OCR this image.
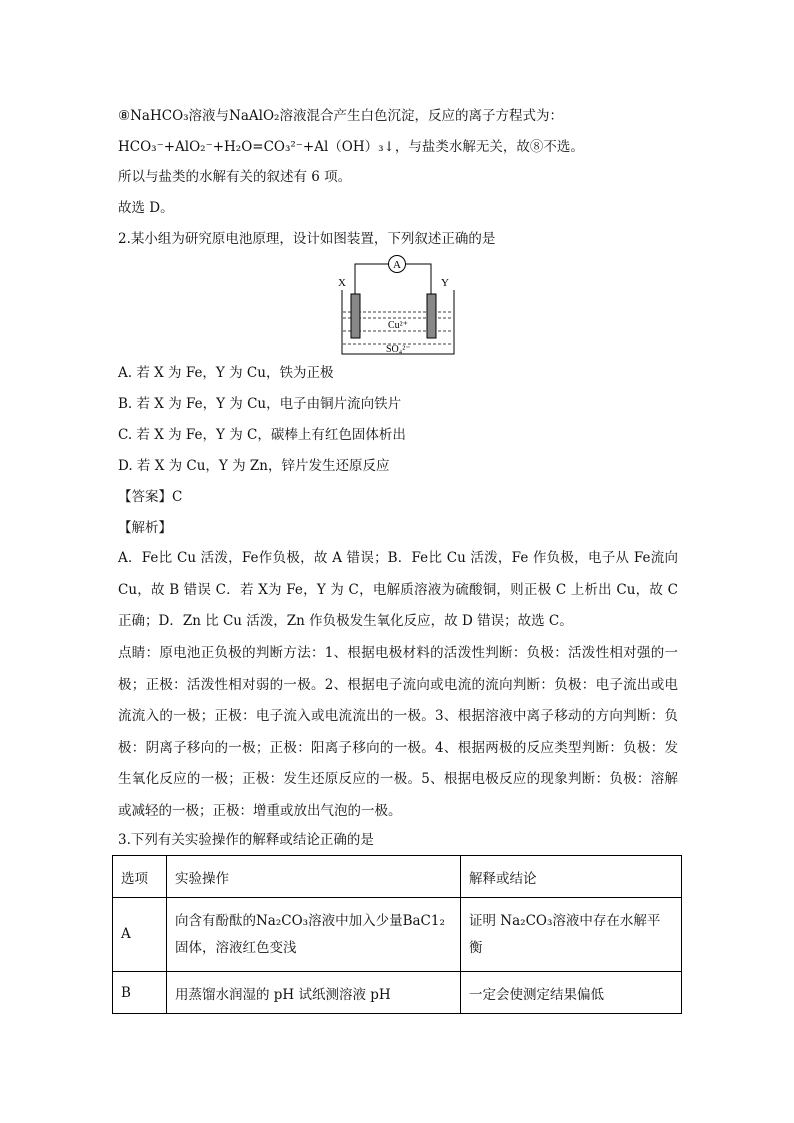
⑧NaHCO₃溶液与NaAlO₂溶液混合产生白色沉淀，反应的离子方程式为：
HCO₃⁻+AlO₂⁻+H₂O=CO₃²⁻+Al（OH）₃↓，与盐类水解无关，故⑧不选。
所以与盐类的水解有关的叙述有 6 项。
故选 D。
2.某小组为研究原电池原理，设计如图装置，下列叙述正确的是
A
X	Y
Cu²⁺
SO₄²⁻
A. 若 X 为 Fe，Y 为 Cu，铁为正极
B. 若 X 为 Fe，Y 为 Cu，电子由铜片流向铁片
C. 若 X 为 Fe，Y 为 C，碳棒上有红色固体析出
D. 若 X 为 Cu，Y 为 Zn，锌片发生还原反应
【答案】C
【解析】
A．Fe比 Cu 活泼，Fe作负极，故 A 错误；B．Fe比 Cu 活泼，Fe 作负极，电子从 Fe流向 Cu，故 B 错误 C．若 X为 Fe，Y 为 C，电解质溶液为硫酸铜，则正极 C 上析出 Cu，故 C 正确；D．Zn 比 Cu 活泼，Zn 作负极发生氧化反应，故 D 错误；故选 C。
点睛：原电池正负极的判断方法：1、根据电极材料的活泼性判断：负极：活泼性相对强的一极；正极：活泼性相对弱的一极。2、根据电子流向或电流的流向判断：负极：电子流出或电流流入的一极；正极：电子流入或电流流出的一极。3、根据溶液中离子移动的方向判断：负极：阴离子移向的一极；正极：阳离子移向的一极。4、根据两极的反应类型判断：负极：发生氧化反应的一极；正极：发生还原反应的一极。5、根据电极反应的现象判断：负极：溶解或减轻的一极；正极：增重或放出气泡的一极。
3.下列有关实验操作的解释或结论正确的是
选项	实验操作	解释或结论
A	向含有酚酞的Na₂CO₃溶液中加入少量BaC1₂固体，溶液红色变浅	证明 Na₂CO₃溶液中存在水解平衡
B	用蒸馏水润湿的 pH 试纸测溶液 pH	一定会使测定结果偏低
